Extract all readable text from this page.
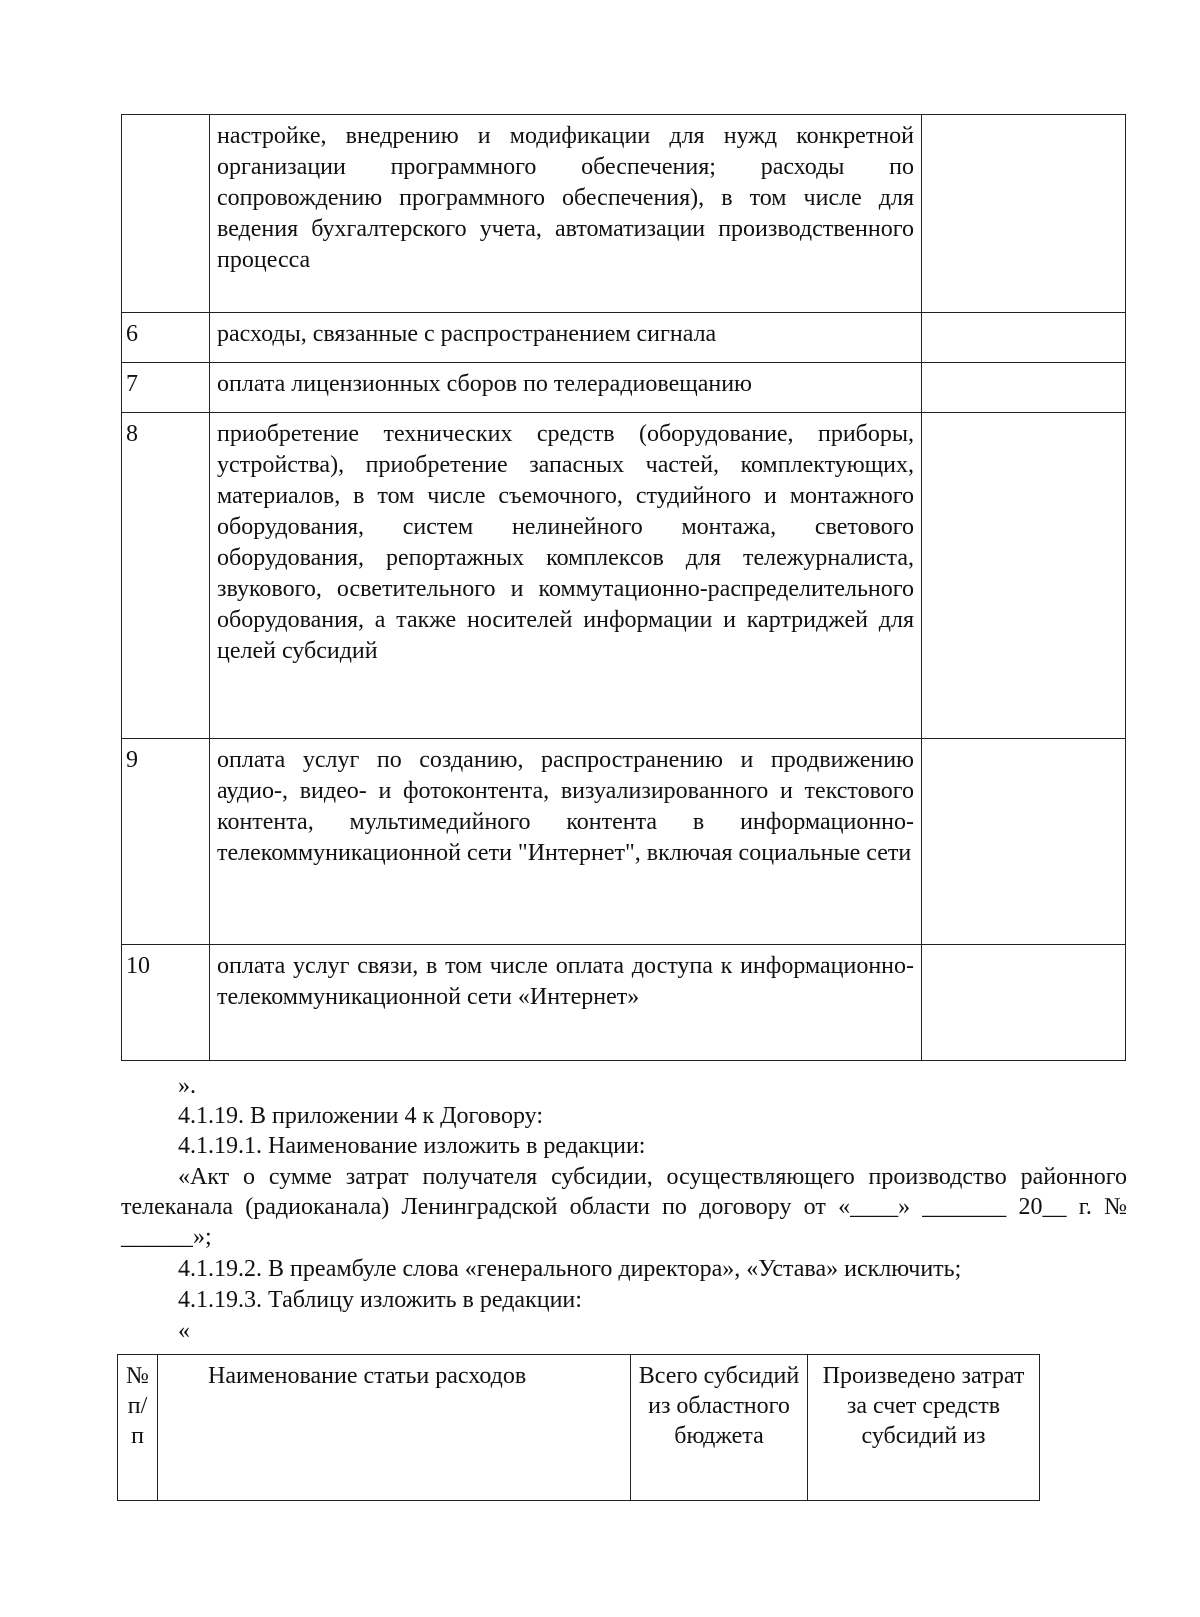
	настройке, внедрению и модификации для нужд конкретной организации программного обеспечения; расходы по сопровождению программного обеспечения), в том числе для ведения бухгалтерского учета, автоматизации производственного процесса	
6	расходы, связанные с распространением сигнала	
7	оплата лицензионных сборов по телерадиовещанию	
8	приобретение технических средств (оборудование, приборы, устройства), приобретение запасных частей, комплектующих, материалов, в том числе съемочного, студийного и монтажного оборудования, систем нелинейного монтажа, светового оборудования, репортажных комплексов для тележурналиста, звукового, осветительного и коммутационно-распределительного оборудования, а также носителей информации и картриджей для целей субсидий	
9	оплата услуг по созданию, распространению и продвижению аудио-, видео- и фотоконтента, визуализированного и текстового контента, мультимедийного контента в информационно-телекоммуникационной сети "Интернет", включая социальные сети	
10	оплата услуг связи, в том числе оплата доступа к информационно-телекоммуникационной сети «Интернет»	
».
4.1.19. В приложении 4 к Договору:
4.1.19.1. Наименование изложить в редакции:
«Акт о сумме затрат получателя субсидии, осуществляющего производство районного телеканала (радиоканала) Ленинградской области по договору от «____» _______ 20__ г. № ______»;
4.1.19.2. В преамбуле слова «генерального директора», «Устава» исключить;
4.1.19.3. Таблицу изложить в редакции:
«
№ п/п	Наименование статьи расходов	Всего субсидий из областного бюджета	Произведено затрат за счет средств субсидий из
